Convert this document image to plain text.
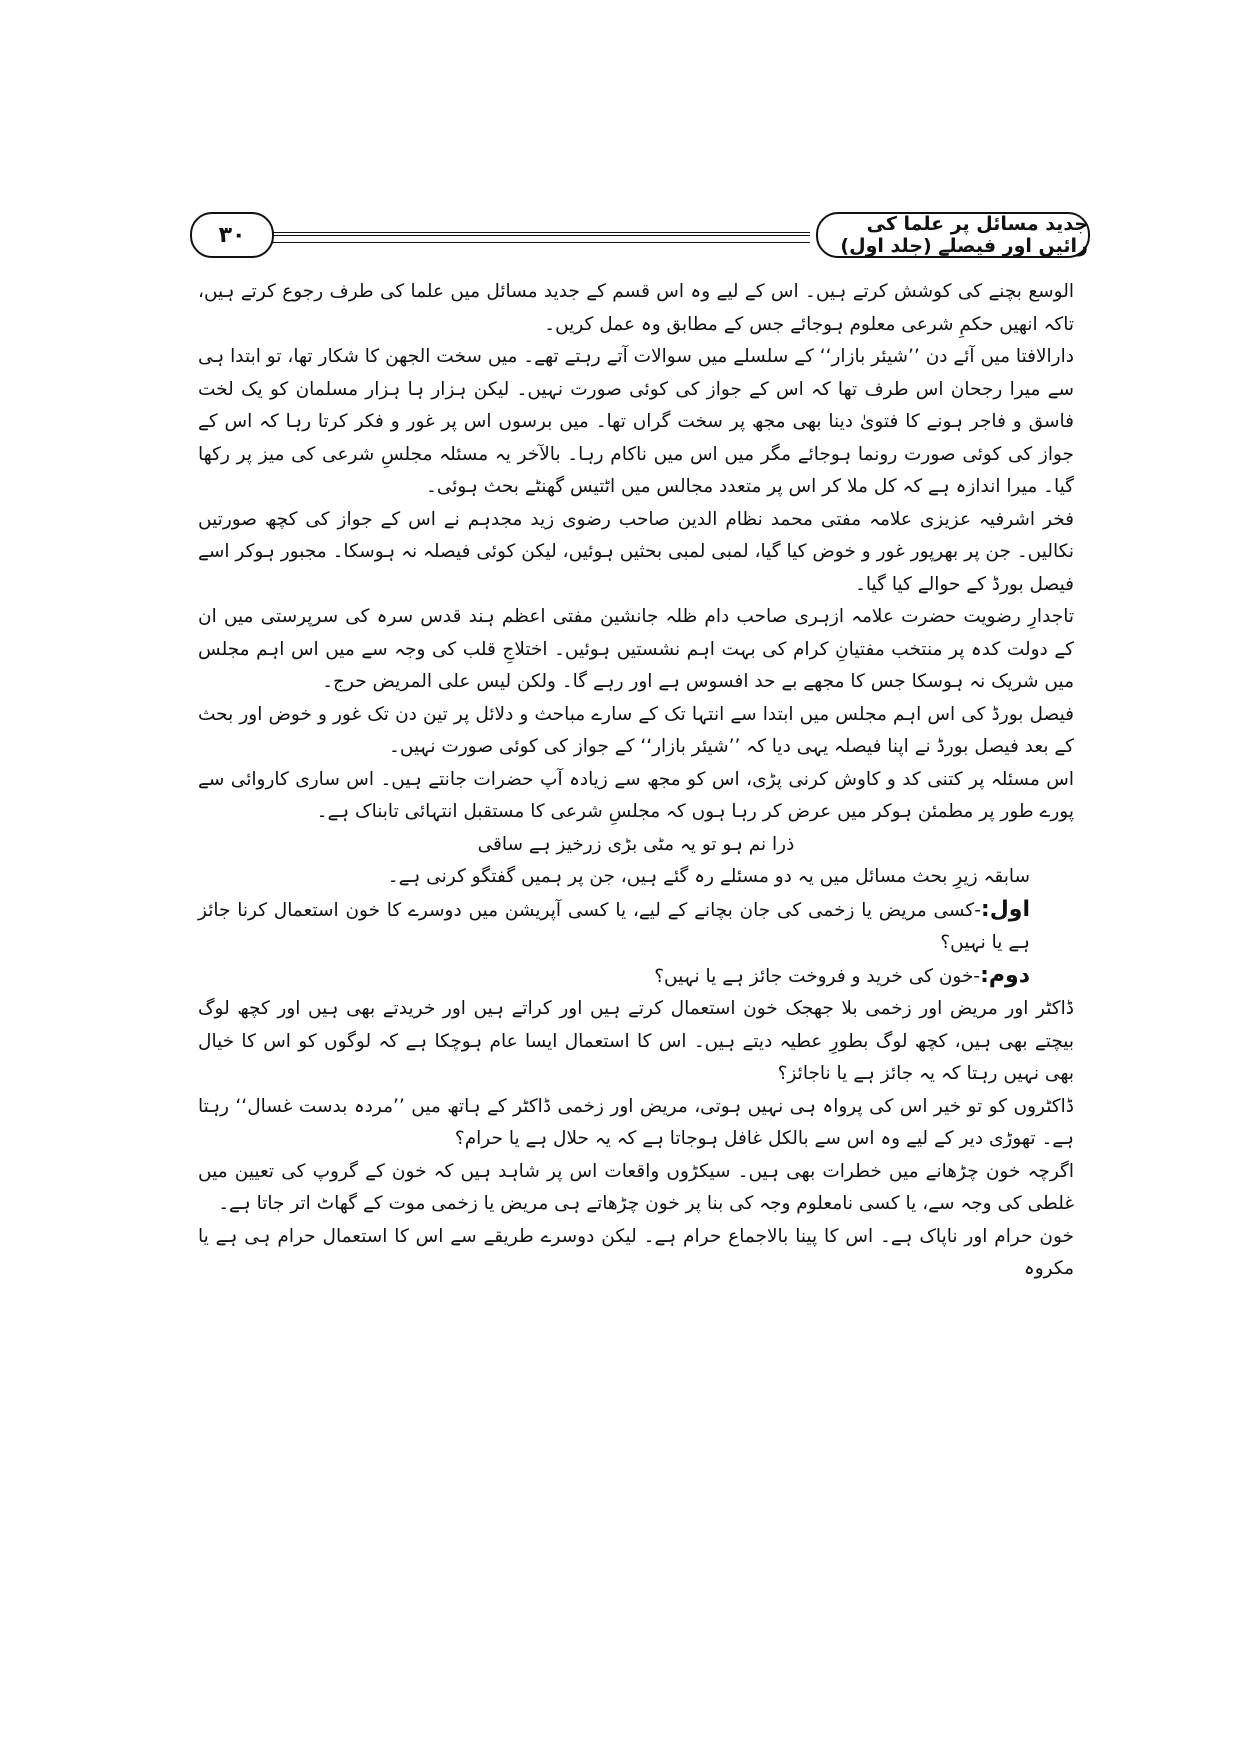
۳۰	جدید مسائل پر علما کی رائیں اور فیصلے (جلد اول)

الوسع بچنے کی کوشش کرتے ہیں۔ اس کے لیے وہ اس قسم کے جدید مسائل میں علما کی طرف رجوع کرتے ہیں، تاکہ انھیں حکمِ شرعی معلوم ہوجائے جس کے مطابق وہ عمل کریں۔

دارالافتا میں آئے دن ’’شیئر بازار‘‘ کے سلسلے میں سوالات آتے رہتے تھے۔ میں سخت الجھن کا شکار تھا، تو ابتدا ہی سے میرا رجحان اس طرف تھا کہ اس کے جواز کی کوئی صورت نہیں۔ لیکن ہزار ہا ہزار مسلمان کو یک لخت فاسق و فاجر ہونے کا فتویٰ دینا بھی مجھ پر سخت گراں تھا۔ میں برسوں اس پر غور و فکر کرتا رہا کہ اس کے جواز کی کوئی صورت رونما ہوجائے مگر میں اس میں ناکام رہا۔ بالآخر یہ مسئلہ مجلسِ شرعی کی میز پر رکھا گیا۔ میرا اندازہ ہے کہ کل ملا کر اس پر متعدد مجالس میں اٹتیس گھنٹے بحث ہوئی۔

فخر اشرفیہ عزیزی علامہ مفتی محمد نظام الدین صاحب رضوی زید مجدہم نے اس کے جواز کی کچھ صورتیں نکالیں۔ جن پر بھرپور غور و خوض کیا گیا، لمبی لمبی بحثیں ہوئیں، لیکن کوئی فیصلہ نہ ہوسکا۔ مجبور ہوکر اسے فیصل بورڈ کے حوالے کیا گیا۔

تاجدارِ رضویت حضرت علامہ ازہری صاحب دام ظلہ جانشین مفتی اعظم ہند قدس سرہ کی سرپرستی میں ان کے دولت کدہ پر منتخب مفتیانِ کرام کی بہت اہم نشستیں ہوئیں۔ اختلاجِ قلب کی وجہ سے میں اس اہم مجلس میں شریک نہ ہوسکا جس کا مجھے بے حد افسوس ہے اور رہے گا۔ ولکن لیس علی المریض حرج۔

فیصل بورڈ کی اس اہم مجلس میں ابتدا سے انتہا تک کے سارے مباحث و دلائل پر تین دن تک غور و خوض اور بحث کے بعد فیصل بورڈ نے اپنا فیصلہ یہی دیا کہ ’’شیئر بازار‘‘ کے جواز کی کوئی صورت نہیں۔

اس مسئلہ پر کتنی کد و کاوش کرنی پڑی، اس کو مجھ سے زیادہ آپ حضرات جانتے ہیں۔ اس ساری کاروائی سے پورے طور پر مطمئن ہوکر میں عرض کر رہا ہوں کہ مجلسِ شرعی کا مستقبل انتہائی تابناک ہے۔

ذرا نم ہو تو یہ مٹی بڑی زرخیز ہے ساقی

سابقہ زیرِ بحث مسائل میں یہ دو مسئلے رہ گئے ہیں، جن پر ہمیں گفتگو کرنی ہے۔

اول:-کسی مریض یا زخمی کی جان بچانے کے لیے، یا کسی آپریشن میں دوسرے کا خون استعمال کرنا جائز ہے یا نہیں؟

دوم:-خون کی خرید و فروخت جائز ہے یا نہیں؟

ڈاکٹر اور مریض اور زخمی بلا جھجک خون استعمال کرتے ہیں اور کراتے ہیں اور خریدتے بھی ہیں اور کچھ لوگ بیچتے بھی ہیں، کچھ لوگ بطورِ عطیہ دیتے ہیں۔ اس کا استعمال ایسا عام ہوچکا ہے کہ لوگوں کو اس کا خیال بھی نہیں رہتا کہ یہ جائز ہے یا ناجائز؟

ڈاکٹروں کو تو خیر اس کی پرواہ ہی نہیں ہوتی، مریض اور زخمی ڈاکٹر کے ہاتھ میں ’’مردہ بدست غسال‘‘ رہتا ہے۔ تھوڑی دیر کے لیے وہ اس سے بالکل غافل ہوجاتا ہے کہ یہ حلال ہے یا حرام؟

اگرچہ خون چڑھانے میں خطرات بھی ہیں۔ سیکڑوں واقعات اس پر شاہد ہیں کہ خون کے گروپ کی تعیین میں غلطی کی وجہ سے، یا کسی نامعلوم وجہ کی بنا پر خون چڑھاتے ہی مریض یا زخمی موت کے گھاٹ اتر جاتا ہے۔

خون حرام اور ناپاک ہے۔ اس کا پینا بالاجماع حرام ہے۔ لیکن دوسرے طریقے سے اس کا استعمال حرام ہی ہے یا مکروہ
